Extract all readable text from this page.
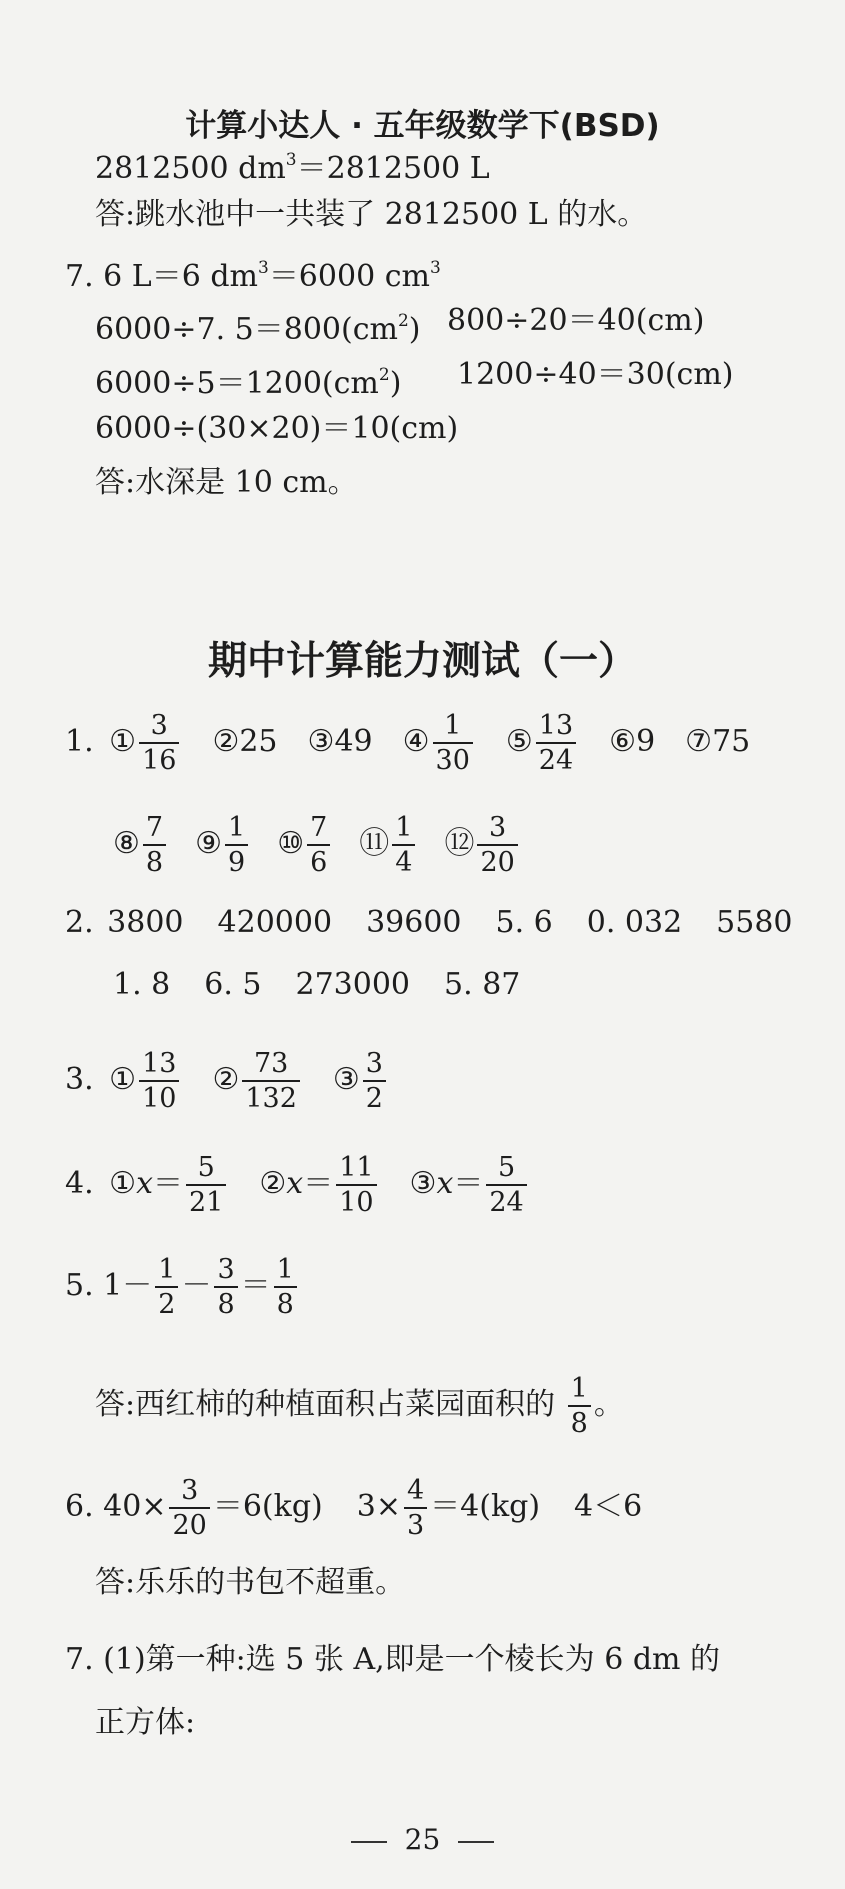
计算小达人 · 五年级数学下(BSD)
2812500 $dm^3=2812500$ L
答:跳水池中一共装了 2812500 L 的水。
7. 6 L＝6 $dm^3=6000$ $cm^3$
6000÷7. $5=800(cm^2)$ 800÷20＝40(cm)
$6000\div 5=1200(cm^2)$ 1200÷40＝30(cm)
6000÷(30×20)＝10(cm)
答:水深是 10 cm。
期中计算能力测试（一）
1. ① $\frac{3}{16}$ ②25 ③49 ④ $\frac{1}{30}$ ⑤ $\frac{13}{24}$ ⑥9 ⑦75
⑧ $\frac{7}{8}$ ⑨ $\frac{1}{9}$ ⑩ $\frac{7}{6}$ ⑪ $\frac{1}{4}$ ⑫ $\frac{3}{20}$
2. 3800 420000 39600 5. 6 0. 032 5580
1. 8 6. 5 273000 5. 87
3. ① $\frac{13}{10}$ ② $\frac{73}{132}$ ③ $\frac{3}{2}$
4. ①x＝ $\frac{5}{21}$ ②x＝ $\frac{11}{10}$ ③x＝ $\frac{5}{24}$
5. $1- \frac{1}{2} - \frac{3}{8} = \frac{1}{8}$
答:西红柿的种植面积占菜园面积的 $\frac{1}{8}$ 。
6. $40\times \frac{3}{20} =6(kg)$ $3\times \frac{4}{3} =4(kg)$ 4＜6
答:乐乐的书包不超重。
7. (1)第一种:选 5 张 A,即是一个棱长为 6 dm 的
正方体:
25
